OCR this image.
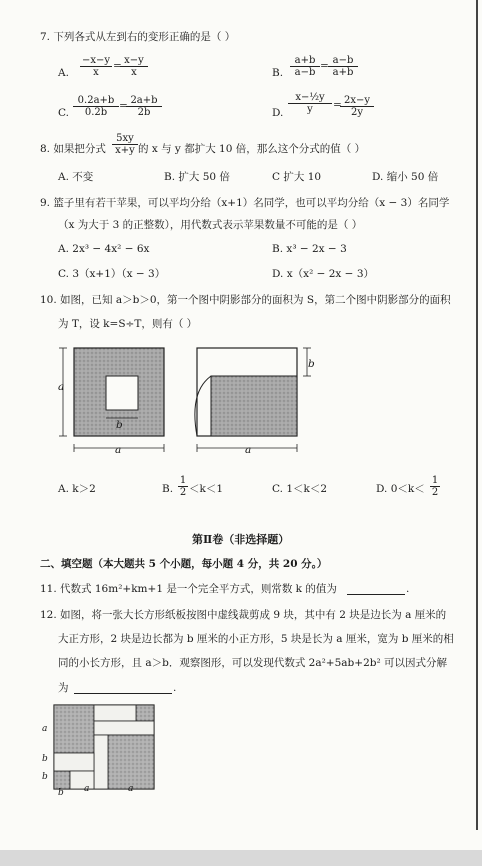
7. 下列各式从左到右的变形正确的是（ ）
A. $\frac{-x-y}{x}$ =
$\frac{x-y}{x}$	B. $\frac{a+b}{a-b} = \frac{a-b}{a+b}$
C. $\frac{0.2a+b}{0.2b}$ =
$\frac{2a+b}{2b}$	D. $\frac{\text{x−½y}}{y}$ =
$\frac{2x-y}{2y}$
8. 如果把分式 $\frac{5xy}{x+y}$ 的 x 与 y 都扩大 10 倍，那么这个分式的值（ ）
A. 不变	B. 扩大 50 倍	C 扩大 10	D. 缩小 50 倍
9. 篮子里有若干苹果，可以平均分给（x+1）名同学，也可以平均分给（x − 3）名同学
（x 为大于 3 的正整数），用代数式表示苹果数量不可能的是（ ）
A. 2x³ − 4x² − 6x	B. x³ − 2x − 3
C. 3（x+1）（x − 3）	D. x（x² − 2x − 3）
10. 如图，已知 a＞b＞0，第一个图中阴影部分的面积为 S，第二个图中阴影部分的面积
为 T，设 k=S÷T，则有（ ）
a
b
a
b
a
A. k＞2	B. $\frac{1}{2} <k<1$	C. 1＜k＜2	D. $0<k< \frac{1}{2}$
第Ⅱ卷（非选择题）
二、填空题（本大题共 5 个小题，每小题 4 分，共 20 分。）
11. 代数式 16m²+km+1 是一个完全平方式，则常数 k 的值为	.
12. 如图，将一张大长方形纸板按图中虚线裁剪成 9 块，其中有 2 块是边长为 a 厘米的
大正方形，2 块是边长都为 b 厘米的小正方形，5 块是长为 a 厘米，宽为 b 厘米的相
同的小长方形，且 a＞b．观察图形，可以发现代数式 2a²+5ab+2b² 可以因式分解
为	.
a
b
b
b a	a
